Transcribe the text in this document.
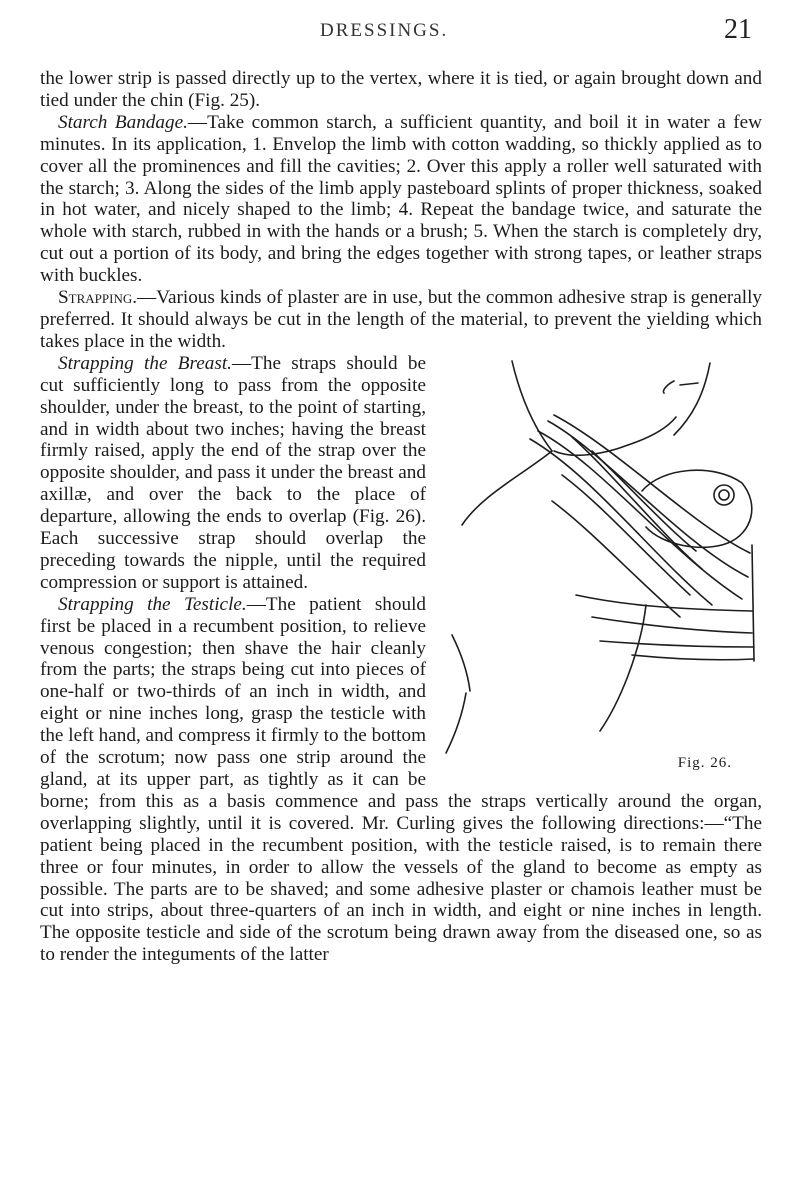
DRESSINGS.	21

the lower strip is passed directly up to the vertex, where it is tied, or again brought down and tied under the chin (Fig. 25).

Starch Bandage.—Take common starch, a sufficient quantity, and boil it in water a few minutes. In its application, 1. Envelop the limb with cotton wadding, so thickly applied as to cover all the prominences and fill the cavities; 2. Over this apply a roller well saturated with the starch; 3. Along the sides of the limb apply pasteboard splints of proper thickness, soaked in hot water, and nicely shaped to the limb; 4. Repeat the bandage twice, and saturate the whole with starch, rubbed in with the hands or a brush; 5. When the starch is completely dry, cut out a portion of its body, and bring the edges together with strong tapes, or leather straps with buckles.

Strapping.—Various kinds of plaster are in use, but the common adhesive strap is generally preferred. It should always be cut in the length of the material, to prevent the yielding which takes place in the width.

Fig. 26.
Strapping the Breast.—The straps should be cut sufficiently long to pass from the opposite shoulder, under the breast, to the point of starting, and in width about two inches; having the breast firmly raised, apply the end of the strap over the opposite shoulder, and pass it under the breast and axillæ, and over the back to the place of departure, allowing the ends to overlap (Fig. 26). Each successive strap should overlap the preceding towards the nipple, until the required compression or support is attained.

Strapping the Testicle.—The patient should first be placed in a recumbent position, to relieve venous congestion; then shave the hair cleanly from the parts; the straps being cut into pieces of one-half or two-thirds of an inch in width, and eight or nine inches long, grasp the testicle with the left hand, and compress it firmly to the bottom of the scrotum; now pass one strip around the gland, at its upper part, as tightly as it can be borne; from this as a basis commence and pass the straps vertically around the organ, overlapping slightly, until it is covered. Mr. Curling gives the following directions:—“The patient being placed in the recumbent position, with the testicle raised, is to remain there three or four minutes, in order to allow the vessels of the gland to become as empty as possible. The parts are to be shaved; and some adhesive plaster or chamois leather must be cut into strips, about three-quarters of an inch in width, and eight or nine inches in length. The opposite testicle and side of the scrotum being drawn away from the diseased one, so as to render the integuments of the latter
